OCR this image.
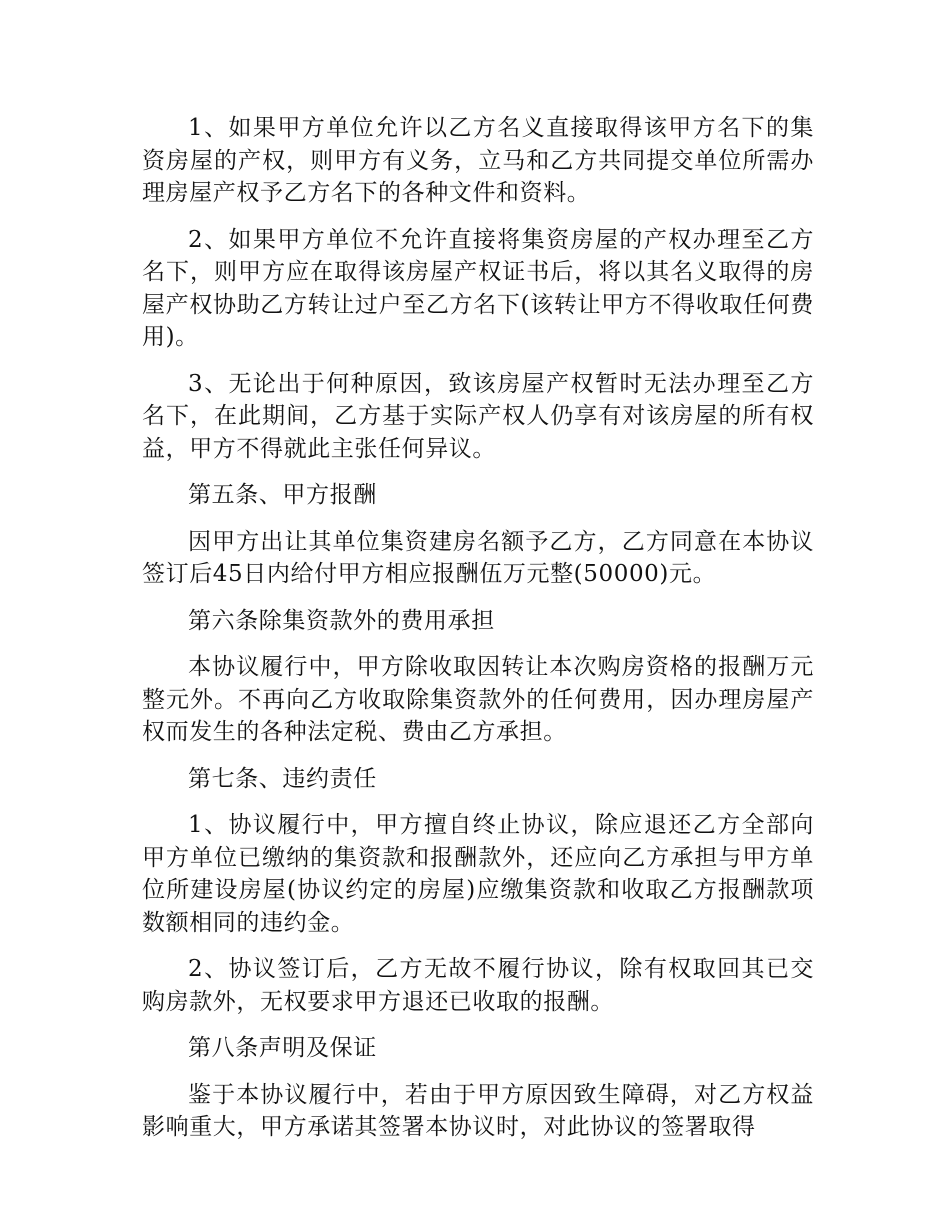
1、如果甲方单位允许以乙方名义直接取得该甲方名下的集资房屋的产权，则甲方有义务，立马和乙方共同提交单位所需办理房屋产权予乙方名下的各种文件和资料。

2、如果甲方单位不允许直接将集资房屋的产权办理至乙方名下，则甲方应在取得该房屋产权证书后，将以其名义取得的房屋产权协助乙方转让过户至乙方名下(该转让甲方不得收取任何费用)。

3、无论出于何种原因，致该房屋产权暂时无法办理至乙方名下，在此期间，乙方基于实际产权人仍享有对该房屋的所有权益，甲方不得就此主张任何异议。

第五条、甲方报酬

因甲方出让其单位集资建房名额予乙方，乙方同意在本协议签订后45日内给付甲方相应报酬伍万元整(50000)元。

第六条除集资款外的费用承担

本协议履行中，甲方除收取因转让本次购房资格的报酬万元整元外。不再向乙方收取除集资款外的任何费用，因办理房屋产权而发生的各种法定税、费由乙方承担。

第七条、违约责任

1、协议履行中，甲方擅自终止协议，除应退还乙方全部向甲方单位已缴纳的集资款和报酬款外，还应向乙方承担与甲方单位所建设房屋(协议约定的房屋)应缴集资款和收取乙方报酬款项数额相同的违约金。

2、协议签订后，乙方无故不履行协议，除有权取回其已交购房款外，无权要求甲方退还已收取的报酬。

第八条声明及保证

鉴于本协议履行中，若由于甲方原因致生障碍，对乙方权益影响重大，甲方承诺其签署本协议时，对此协议的签署取得
